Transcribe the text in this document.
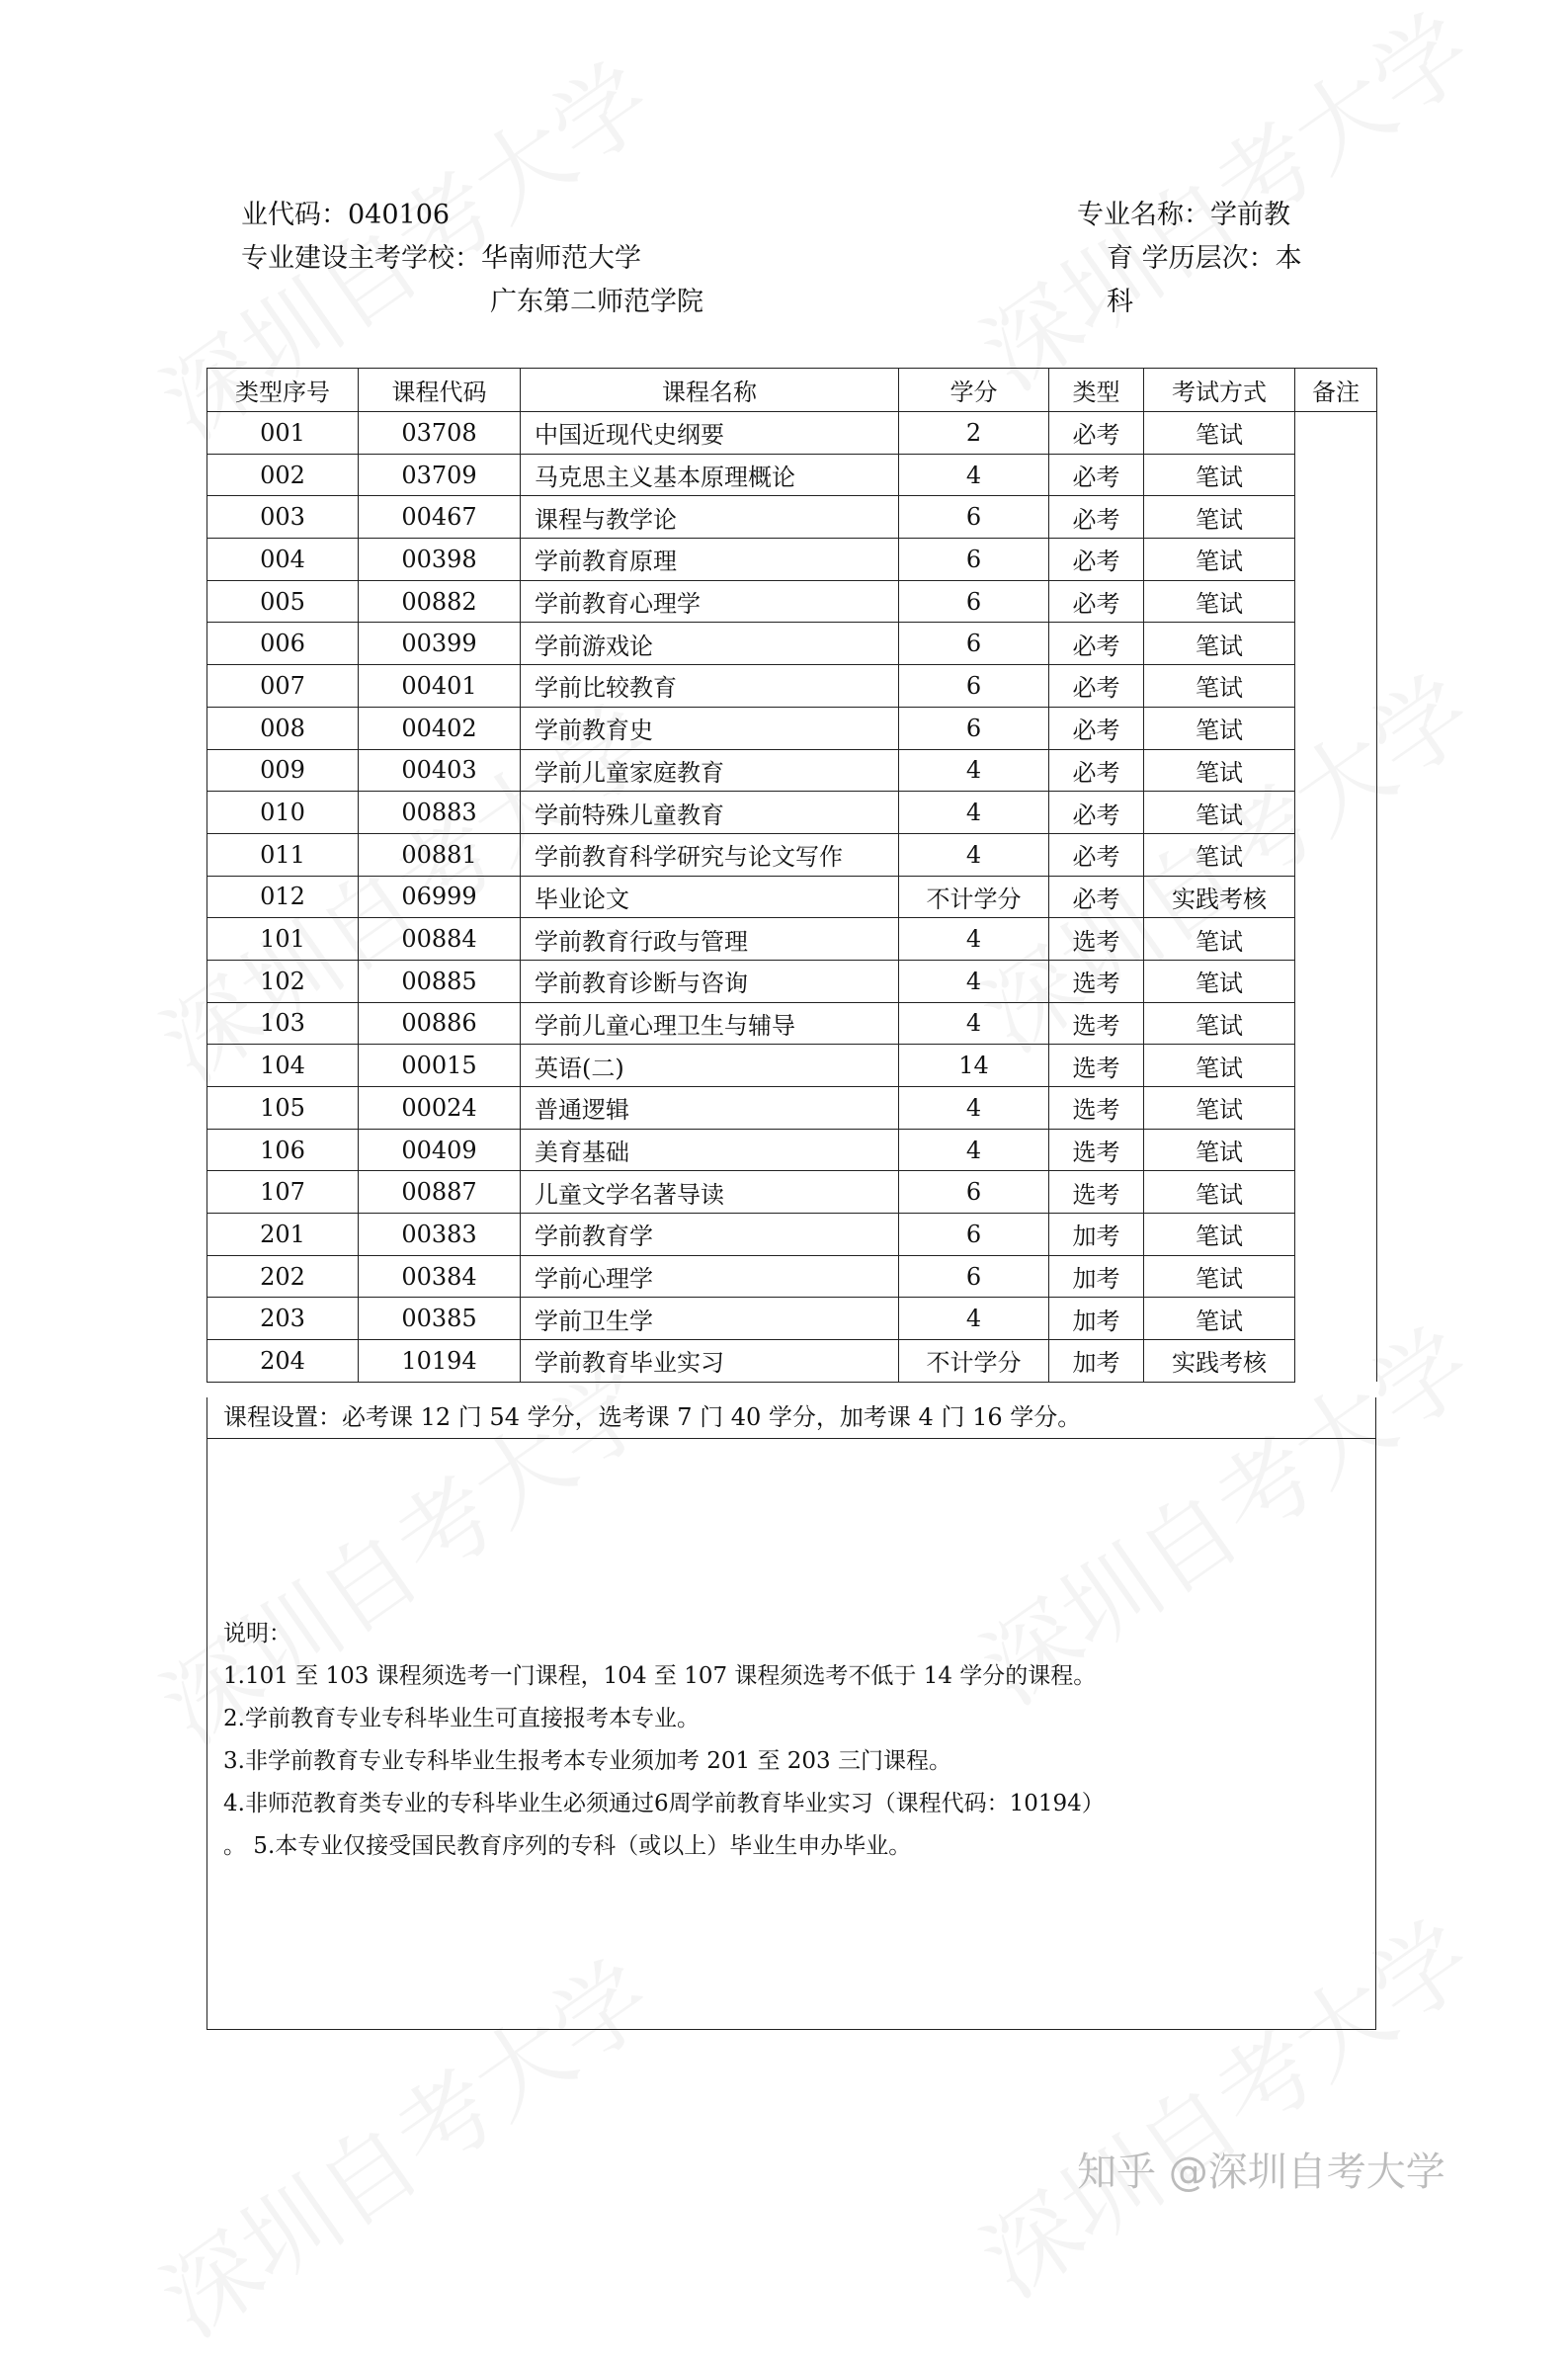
业代码：040106
专业建设主考学校：华南师范大学
广东第二师范学院
专业名称：学前教
育 学历层次：本
科
类型序号	课程代码	课程名称	学分	类型	考试方式	备注
001	03708	中国近现代史纲要	2	必考	笔试	
002	03709	马克思主义基本原理概论	4	必考	笔试	
003	00467	课程与教学论	6	必考	笔试	
004	00398	学前教育原理	6	必考	笔试	
005	00882	学前教育心理学	6	必考	笔试	
006	00399	学前游戏论	6	必考	笔试	
007	00401	学前比较教育	6	必考	笔试	
008	00402	学前教育史	6	必考	笔试	
009	00403	学前儿童家庭教育	4	必考	笔试	
010	00883	学前特殊儿童教育	4	必考	笔试	
011	00881	学前教育科学研究与论文写作	4	必考	笔试	
012	06999	毕业论文	不计学分	必考	实践考核	
101	00884	学前教育行政与管理	4	选考	笔试	
102	00885	学前教育诊断与咨询	4	选考	笔试	
103	00886	学前儿童心理卫生与辅导	4	选考	笔试	
104	00015	英语(二)	14	选考	笔试	
105	00024	普通逻辑	4	选考	笔试	
106	00409	美育基础	4	选考	笔试	
107	00887	儿童文学名著导读	6	选考	笔试	
201	00383	学前教育学	6	加考	笔试	
202	00384	学前心理学	6	加考	笔试	
203	00385	学前卫生学	4	加考	笔试	
204	10194	学前教育毕业实习	不计学分	加考	实践考核	
课程设置：必考课 12 门 54 学分，选考课 7 门 40 学分，加考课 4 门 16 学分。
说明：
1.101 至 103 课程须选考一门课程，104 至 107 课程须选考不低于 14 学分的课程。
2.学前教育专业专科毕业生可直接报考本专业。
3.非学前教育专业专科毕业生报考本专业须加考 201 至 203 三门课程。
4.非师范教育类专业的专科毕业生必须通过6周学前教育毕业实习（课程代码：10194）
。 5.本专业仅接受国民教育序列的专科（或以上）毕业生申办毕业。
知乎 @深圳自考大学
